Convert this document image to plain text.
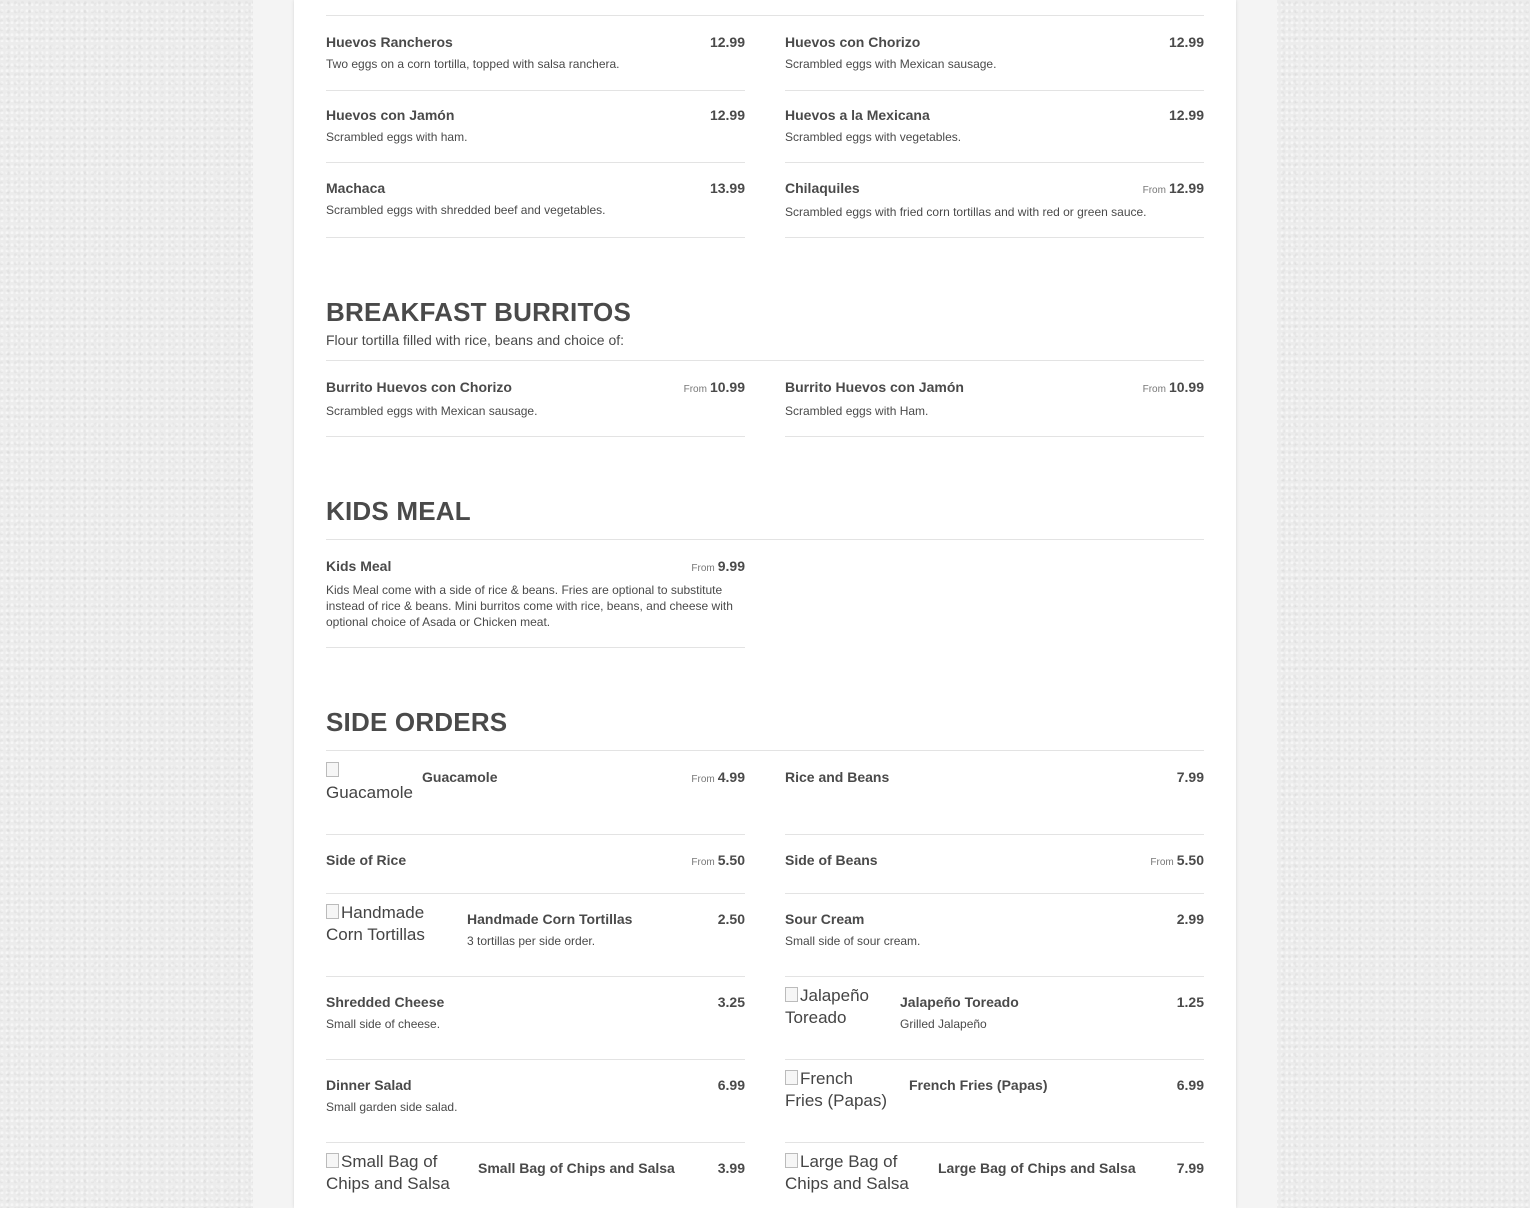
Huevos Rancheros	12.99
Two eggs on a corn tortilla, topped with salsa ranchera.
Huevos con Chorizo	12.99
Scrambled eggs with Mexican sausage.
Huevos con Jamón	12.99
Scrambled eggs with ham.
Huevos a la Mexicana	12.99
Scrambled eggs with vegetables.
Machaca	13.99
Scrambled eggs with shredded beef and vegetables.
Chilaquiles	From 12.99
Scrambled eggs with fried corn tortillas and with red or green sauce.
BREAKFAST BURRITOS
Flour tortilla filled with rice, beans and choice of:
Burrito Huevos con Chorizo	From 10.99
Scrambled eggs with Mexican sausage.
Burrito Huevos con Jamón	From 10.99
Scrambled eggs with Ham.
KIDS MEAL
Kids Meal	From 9.99
Kids Meal come with a side of rice & beans. Fries are optional to substitute instead of rice & beans. Mini burritos come with rice, beans, and cheese with optional choice of Asada or Chicken meat.
SIDE ORDERS
Guacamole
Guacamole	From 4.99	Rice and Beans	7.99
Side of Rice	From 5.50	Side of Beans	From 5.50
Handmade Corn Tortillas
Handmade Corn Tortillas	2.50
3 tortillas per side order.
Sour Cream	2.99
Small side of sour cream.
Shredded Cheese	3.25
Small side of cheese.
Jalapeño Toreado
Jalapeño Toreado	1.25
Grilled Jalapeño
Dinner Salad	6.99
Small garden side salad.
French Fries (Papas)
French Fries (Papas)	6.99
Small Bag of Chips and Salsa
Small Bag of Chips and Salsa	3.99	Large Bag of Chips and Salsa
Large Bag of Chips and Salsa	7.99
